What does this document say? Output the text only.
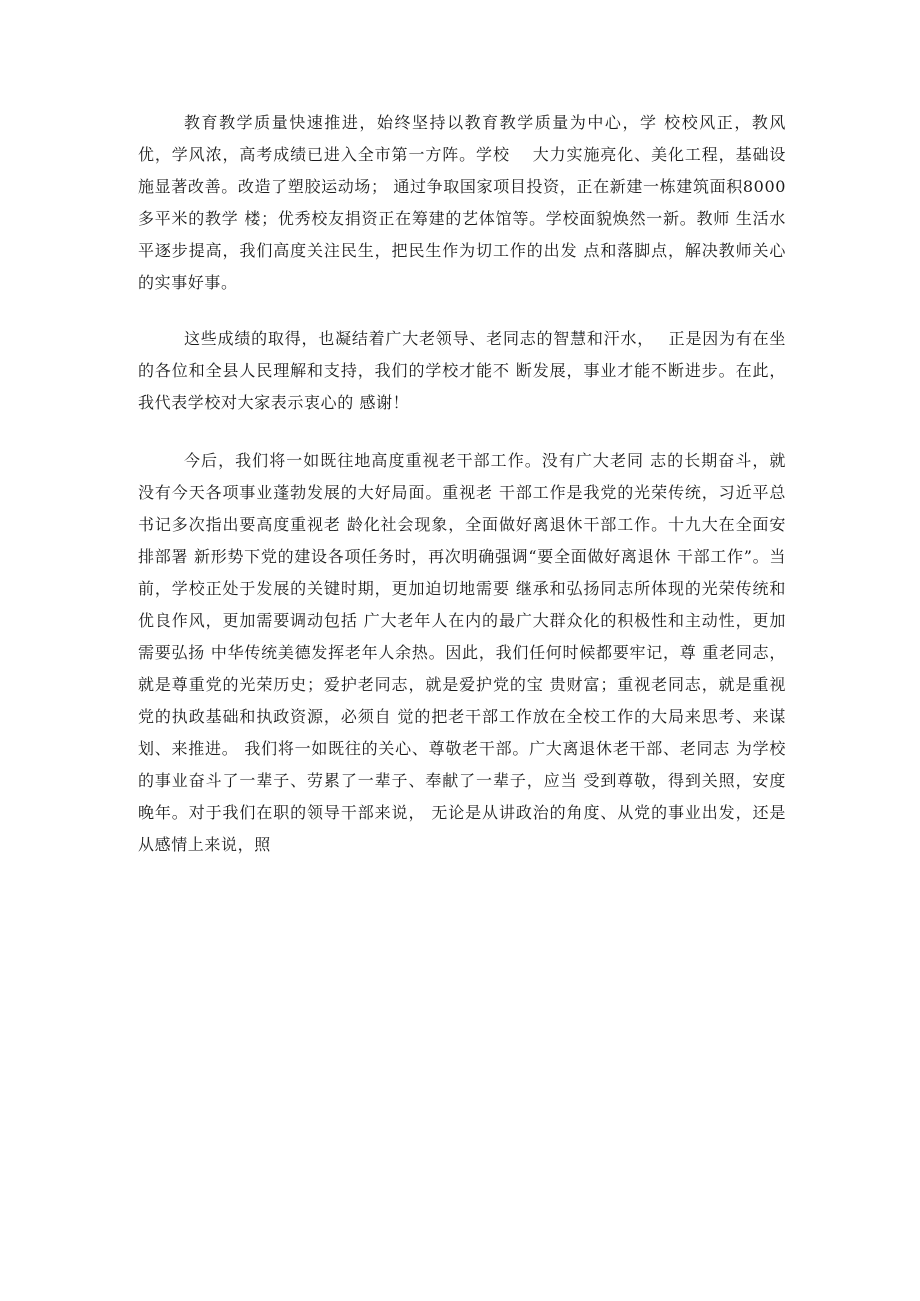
教育教学质量快速推进，始终坚持以教育教学质量为中心，学 校校风正，教风优，学风浓，高考成绩已进入全市第一方阵。学校　 大力实施亮化、美化工程，基础设施显著改善。改造了塑胶运动场； 通过争取国家项目投资，正在新建一栋建筑面积8000多平米的教学 楼；优秀校友捐资正在筹建的艺体馆等。学校面貌焕然一新。教师 生活水平逐步提高，我们高度关注民生，把民生作为切工作的出发 点和落脚点，解决教师关心的实事好事。

这些成绩的取得，也凝结着广大老领导、老同志的智慧和汗水，　 正是因为有在坐的各位和全县人民理解和支持，我们的学校才能不 断发展，事业才能不断进步。在此，我代表学校对大家表示衷心的 感谢！

今后，我们将一如既往地高度重视老干部工作。没有广大老同 志的长期奋斗，就没有今天各项事业蓬勃发展的大好局面。重视老 干部工作是我党的光荣传统，习近平总书记多次指出要高度重视老 龄化社会现象，全面做好离退休干部工作。十九大在全面安排部署 新形势下党的建设各项任务时，再次明确强调“要全面做好离退休 干部工作”。当前，学校正处于发展的关键时期，更加迫切地需要 继承和弘扬同志所体现的光荣传统和优良作风，更加需要调动包括 广大老年人在内的最广大群众化的积极性和主动性，更加需要弘扬 中华传统美德发挥老年人余热。因此，我们任何时候都要牢记，尊 重老同志，就是尊重党的光荣历史；爱护老同志，就是爱护党的宝 贵财富；重视老同志，就是重视党的执政基础和执政资源，必须自 觉的把老干部工作放在全校工作的大局来思考、来谋划、来推进。 我们将一如既往的关心、尊敬老干部。广大离退休老干部、老同志 为学校的事业奋斗了一辈子、劳累了一辈子、奉献了一辈子，应当 受到尊敬，得到关照，安度晚年。对于我们在职的领导干部来说， 无论是从讲政治的角度、从党的事业出发，还是从感情上来说，照
